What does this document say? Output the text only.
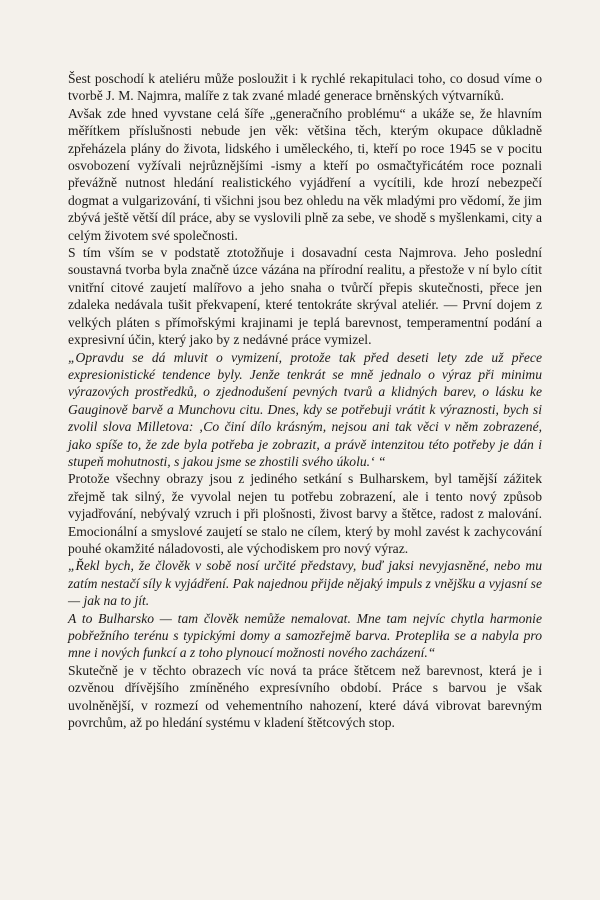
Šest poschodí k ateliéru může posloužit i k rychlé rekapitulaci toho, co dosud víme o tvorbě J. M. Najmra, malíře z tak zvané mladé generace brněnských výtvarníků.

Avšak zde hned vyvstane celá šíře „generačního problému“ a ukáže se, že hlavním měřítkem příslušnosti nebude jen věk: většina těch, kterým okupace důkladně zpřeházela plány do života, lidského i uměleckého, ti, kteří po roce 1945 se v pocitu osvobození vyžívali nejrůznějšími -ismy a kteří po osmačtyřicátém roce poznali převážně nutnost hledání realistického vyjádření a vycítili, kde hrozí nebezpečí dogmat a vulgarizování, ti všichni jsou bez ohledu na věk mladými pro vědomí, že jim zbývá ještě větší díl práce, aby se vyslovili plně za sebe, ve shodě s myšlenkami, city a celým životem své společnosti.

S tím vším se v podstatě ztotožňuje i dosavadní cesta Najmrova. Jeho poslední soustavná tvorba byla značně úzce vázána na přírodní realitu, a přestože v ní bylo cítit vnitřní citové zaujetí malířovo a jeho snaha o tvůrčí přepis skutečnosti, přece jen zdaleka nedávala tušit překvapení, které tentokráte skrýval ateliér. — První dojem z velkých pláten s přímořskými krajinami je teplá barevnost, temperamentní podání a expresivní účin, který jako by z nedávné práce vymizel.

„Opravdu se dá mluvit o vymizení, protože tak před deseti lety zde už přece expresionistické tendence byly. Jenže tenkrát se mně jednalo o výraz při minimu výrazových prostředků, o zjednodušení pevných tvarů a klidných barev, o lásku ke Gauginově barvě a Munchovu citu. Dnes, kdy se potřebuji vrátit k výraznosti, bych si zvolil slova Milletova: ‚Co činí dílo krásným, nejsou ani tak věci v něm zobrazené, jako spíše to, že zde byla potřeba je zobrazit, a právě intenzitou této potřeby je dán i stupeň mohutnosti, s jakou jsme se zhostili svého úkolu.‘ “

Protože všechny obrazy jsou z jediného setkání s Bulharskem, byl tamější zážitek zřejmě tak silný, že vyvolal nejen tu potřebu zobrazení, ale i tento nový způsob vyjadřování, nebývalý vzruch i při plošnosti, živost barvy a štětce, radost z malování. Emocionální a smyslové zaujetí se stalo ne cílem, který by mohl zavést k zachycování pouhé okamžité náladovosti, ale východiskem pro nový výraz.

„Řekl bych, že člověk v sobě nosí určité představy, buď jaksi nevyjasněné, nebo mu zatím nestačí síly k vyjádření. Pak najednou přijde nějaký impuls z vnějšku a vyjasní se — jak na to jít.

A to Bulharsko — tam člověk nemůže nemalovat. Mne tam nejvíc chytla harmonie pobřežního terénu s typickými domy a samozřejmě barva. Protepliła se a nabyla pro mne i nových funkcí a z toho plynoucí možnosti nového zacházení.“

Skutečně je v těchto obrazech víc nová ta práce štětcem než barevnost, která je i ozvěnou dřívějšího zmíněného expresívního období. Práce s barvou je však uvolněnější, v rozmezí od vehementního nahození, které dává vibrovat barevným povrchům, až po hledání systému v kladení štětcových stop.
